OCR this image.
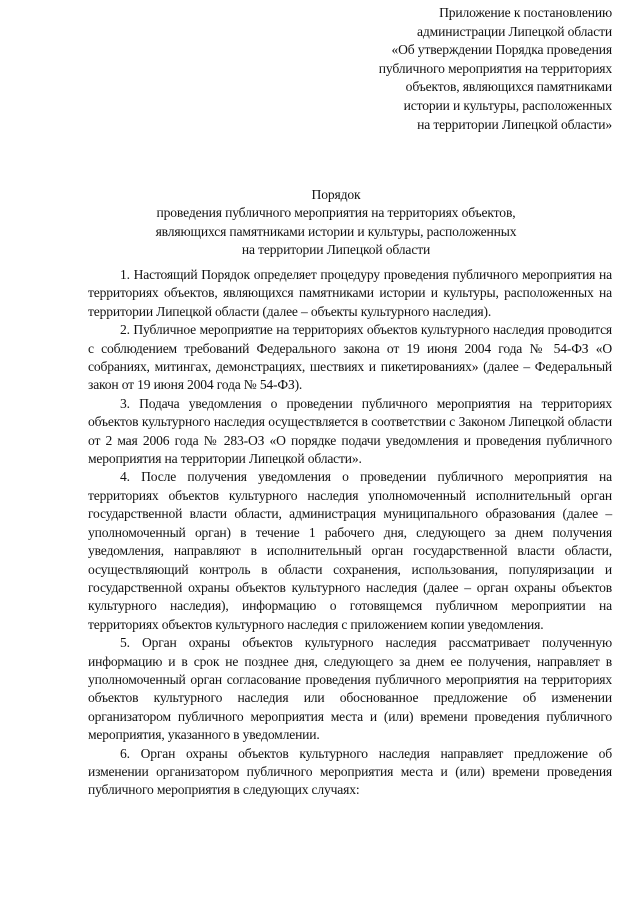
Приложение к постановлению
администрации Липецкой области
«Об утверждении Порядка проведения
публичного мероприятия на территориях
объектов, являющихся памятниками
истории и культуры, расположенных
на территории Липецкой области»
Порядок
проведения публичного мероприятия на территориях объектов,
являющихся памятниками истории и культуры, расположенных
на территории Липецкой области

1. Настоящий Порядок определяет процедуру проведения публичного мероприятия на территориях объектов, являющихся памятниками истории и культуры, расположенных на территории Липецкой области (далее – объекты культурного наследия).

2. Публичное мероприятие на территориях объектов культурного наследия проводится с соблюдением требований Федерального закона от 19 июня 2004 года № 54-ФЗ «О собраниях, митингах, демонстрациях, шествиях и пикетированиях» (далее – Федеральный закон от 19 июня 2004 года № 54-ФЗ).

3. Подача уведомления о проведении публичного мероприятия на территориях объектов культурного наследия осуществляется в соответствии с Законом Липецкой области от 2 мая 2006 года № 283-ОЗ «О порядке подачи уведомления и проведения публичного мероприятия на территории Липецкой области».

4. После получения уведомления о проведении публичного мероприятия на территориях объектов культурного наследия уполномоченный исполнительный орган государственной власти области, администрация муниципального образования (далее – уполномоченный орган) в течение 1 рабочего дня, следующего за днем получения уведомления, направляют в исполнительный орган государственной власти области, осуществляющий контроль в области сохранения, использования, популяризации и государственной охраны объектов культурного наследия (далее – орган охраны объектов культурного наследия), информацию о готовящемся публичном мероприятии на территориях объектов культурного наследия с приложением копии уведомления.

5. Орган охраны объектов культурного наследия рассматривает полученную информацию и в срок не позднее дня, следующего за днем ее получения, направляет в уполномоченный орган согласование проведения публичного мероприятия на территориях объектов культурного наследия или обоснованное предложение об изменении организатором публичного мероприятия места и (или) времени проведения публичного мероприятия, указанного в уведомлении.

6. Орган охраны объектов культурного наследия направляет предложение об изменении организатором публичного мероприятия места и (или) времени проведения публичного мероприятия в следующих случаях:
